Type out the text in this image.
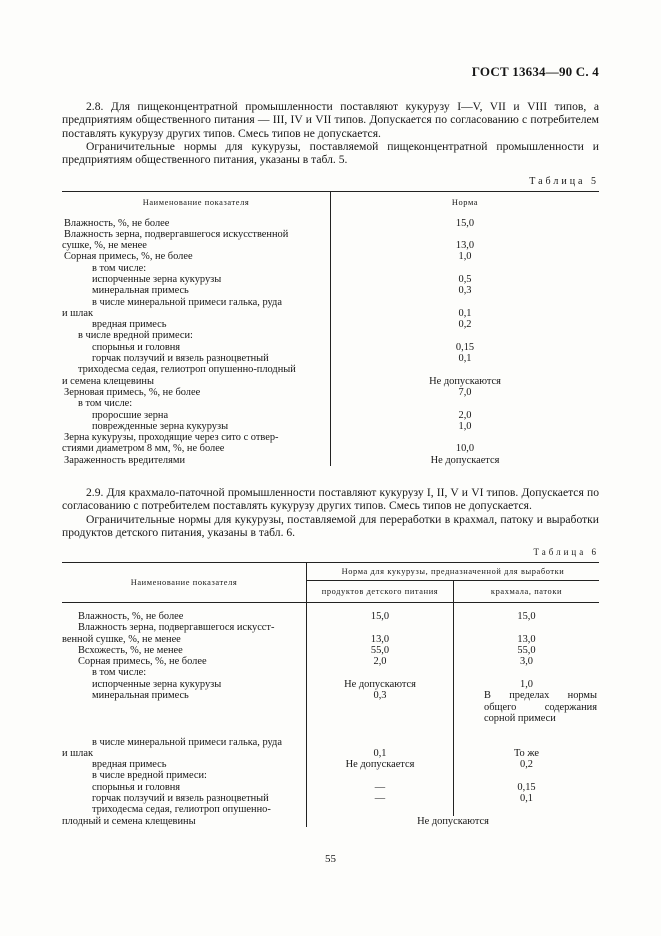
ГОСТ 13634—90 С. 4

2.8. Для пищеконцентратной промышленности поставляют кукурузу I—V, VII и VIII типов, а предприятиям общественного питания — III, IV и VII типов. Допускается по согласованию с потребителем поставлять кукурузу других типов. Смесь типов не допускается.

Ограничительные нормы для кукурузы, поставляемой пищеконцентратной промышленности и предприятиям общественного питания, указаны в табл. 5.

Таблица 5
Наименование показателя	Норма
Влажность, %, не более	15,0
Влажность зерна, подвергавшегося искусственной	
сушке, %, не менее	13,0
Сорная примесь, %, не более	1,0
в том числе:	
испорченные зерна кукурузы	0,5
минеральная примесь	0,3
в числе минеральной примеси галька, руда	
и шлак	0,1
вредная примесь	0,2
в числе вредной примеси:	
спорынья и головня	0,15
горчак ползучий и вязель разноцветный	0,1
триходесма седая, гелиотроп опушенно-плодный	
и семена клещевины	Не допускаются
Зерновая примесь, %, не более	7,0
в том числе:	
проросшие зерна	2,0
поврежденные зерна кукурузы	1,0
Зерна кукурузы, проходящие через сито с отвер-	
стиями диаметром 8 мм, %, не более	10,0
Зараженность вредителями	Не допускается

2.9. Для крахмало-паточной промышленности поставляют кукурузу I, II, V и VI типов. Допускается по согласованию с потребителем поставлять кукурузу других типов. Смесь типов не допускается.

Ограничительные нормы для кукурузы, поставляемой для переработки в крахмал, патоку и выработки продуктов детского питания, указаны в табл. 6.

Таблица 6
Наименование показателя	Норма для кукурузы, предназначенной для выработки	
	продуктов детского питания	крахмала, патоки
Влажность, %, не более	15,0	15,0
Влажность зерна, подвергавшегося искусст-		
венной сушке, %, не менее	13,0	13,0
Всхожесть, %, не менее	55,0	55,0
Сорная примесь, %, не более	2,0	3,0
в том числе:		
испорченные зерна кукурузы	Не допускаются	1,0
минеральная примесь	0,3	В пределах нормы общего содержания сорной примеси
в числе минеральной примеси галька, руда		
и шлак	0,1	То же
вредная примесь	Не допускается	0,2
в числе вредной примеси:		
спорынья и головня	—	0,15
горчак ползучий и вязель разноцветный	—	0,1
триходесма седая, гелиотроп опушенно-		
плодный и семена клещевины	Не допускаются	
55
